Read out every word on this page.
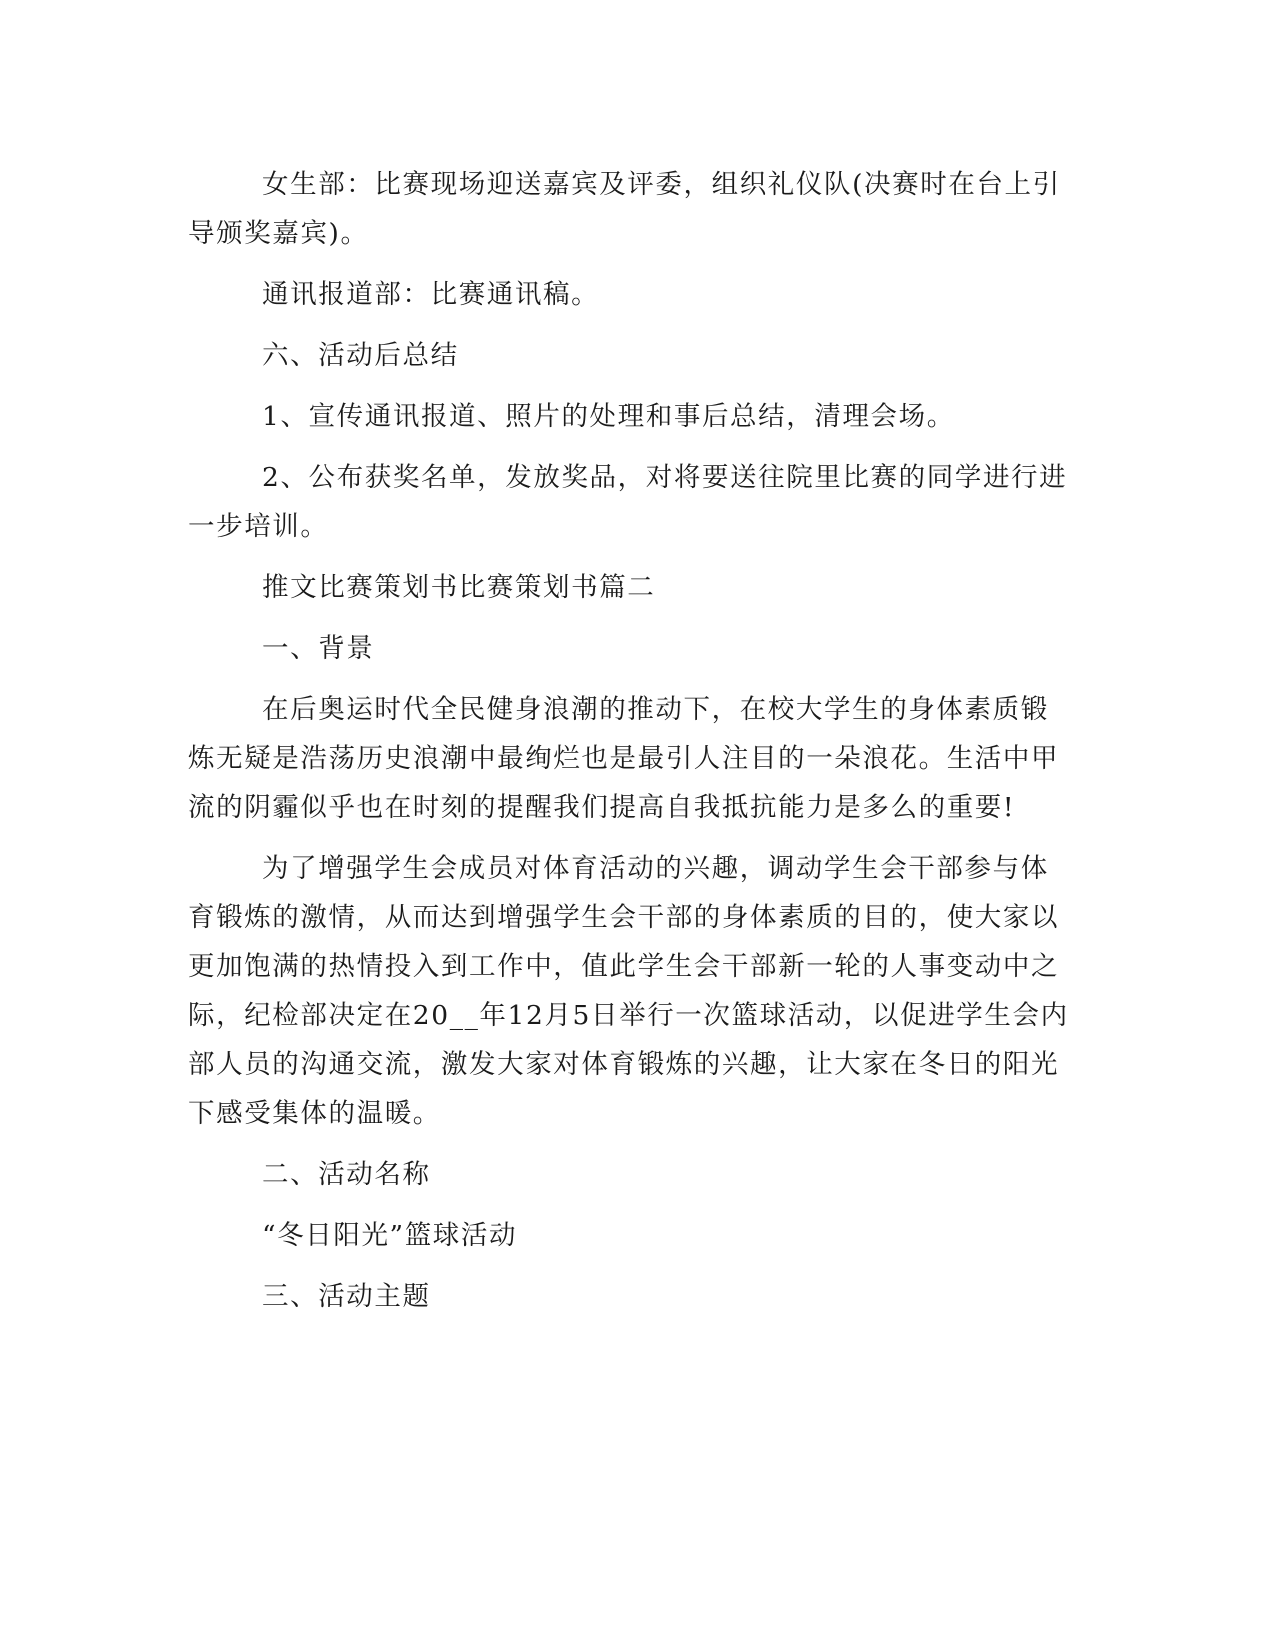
女生部：比赛现场迎送嘉宾及评委，组织礼仪队(决赛时在台上引导颁奖嘉宾)。

通讯报道部：比赛通讯稿。

六、活动后总结

1、宣传通讯报道、照片的处理和事后总结，清理会场。

2、公布获奖名单，发放奖品，对将要送往院里比赛的同学进行进一步培训。

推文比赛策划书比赛策划书篇二

一、背景

在后奥运时代全民健身浪潮的推动下，在校大学生的身体素质锻炼无疑是浩荡历史浪潮中最绚烂也是最引人注目的一朵浪花。生活中甲流的阴霾似乎也在时刻的提醒我们提高自我抵抗能力是多么的重要!

为了增强学生会成员对体育活动的兴趣，调动学生会干部参与体育锻炼的激情，从而达到增强学生会干部的身体素质的目的，使大家以更加饱满的热情投入到工作中，值此学生会干部新一轮的人事变动中之际，纪检部决定在20__年12月5日举行一次篮球活动，以促进学生会内部人员的沟通交流，激发大家对体育锻炼的兴趣，让大家在冬日的阳光下感受集体的温暖。

二、活动名称

“冬日阳光”篮球活动

三、活动主题
